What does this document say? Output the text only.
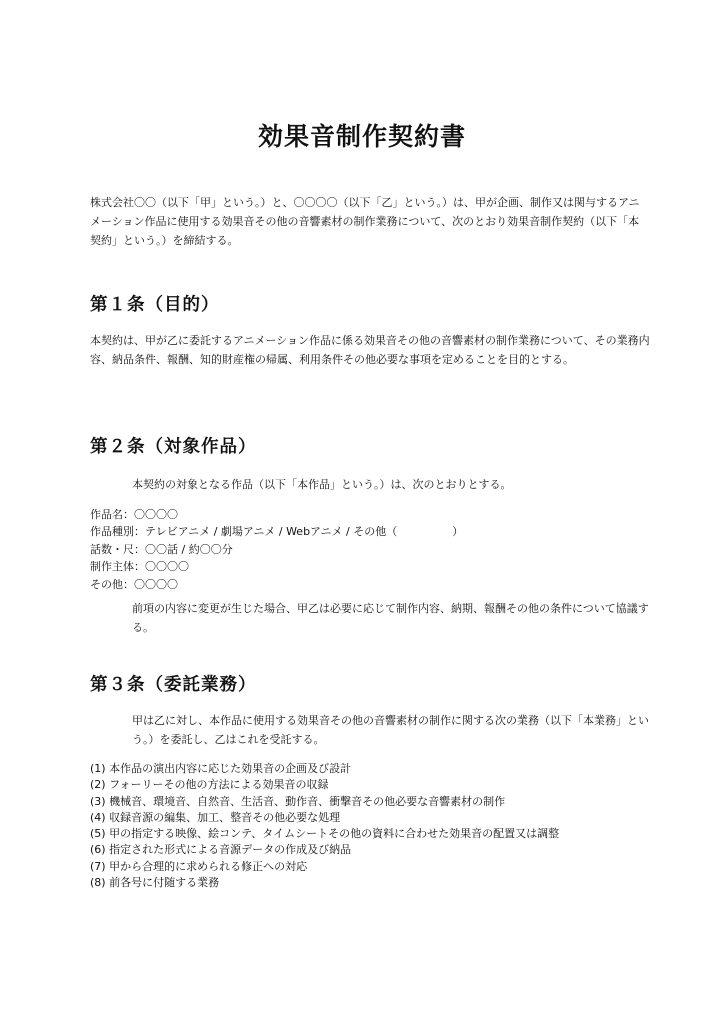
効果音制作契約書

株式会社〇〇（以下「甲」という。）と、〇〇〇〇（以下「乙」という。）は、甲が企画、制作又は関与するアニメーション作品に使用する効果音その他の音響素材の制作業務について、次のとおり効果音制作契約（以下「本契約」という。）を締結する。

第１条（目的）

本契約は、甲が乙に委託するアニメーション作品に係る効果音その他の音響素材の制作業務について、その業務内容、納品条件、報酬、知的財産権の帰属、利用条件その他必要な事項を定めることを目的とする。

第２条（対象作品）

本契約の対象となる作品（以下「本作品」という。）は、次のとおりとする。

作品名：〇〇〇〇
作品種別：テレビアニメ / 劇場アニメ / Webアニメ / その他（　　　　　）
話数・尺：〇〇話 / 約〇〇分
制作主体：〇〇〇〇
その他：〇〇〇〇

前項の内容に変更が生じた場合、甲乙は必要に応じて制作内容、納期、報酬その他の条件について協議する。

第３条（委託業務）

甲は乙に対し、本作品に使用する効果音その他の音響素材の制作に関する次の業務（以下「本業務」という。）を委託し、乙はこれを受託する。

(1) 本作品の演出内容に応じた効果音の企画及び設計
(2) フォーリーその他の方法による効果音の収録
(3) 機械音、環境音、自然音、生活音、動作音、衝撃音その他必要な音響素材の制作
(4) 収録音源の編集、加工、整音その他必要な処理
(5) 甲の指定する映像、絵コンテ、タイムシートその他の資料に合わせた効果音の配置又は調整
(6) 指定された形式による音源データの作成及び納品
(7) 甲から合理的に求められる修正への対応
(8) 前各号に付随する業務
